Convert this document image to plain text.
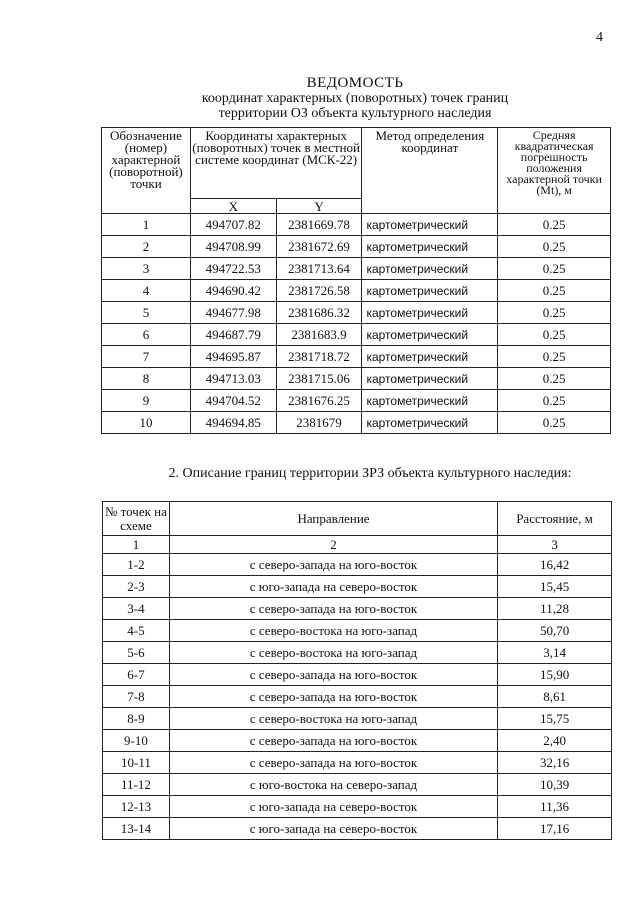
4
ВЕДОМОСТЬ
координат характерных (поворотных) точек границ
территории ОЗ объекта культурного наследия
Обозначение (номер) характерной (поворотной) точки	Координаты характерных (поворотных) точек в местной системе координат (МСК-22)		Метод определения координат	Средняя квадратическая погрешность положения характерной точки (Mt), м
	X	Y		
1	494707.82	2381669.78	картометрический	0.25
2	494708.99	2381672.69	картометрический	0.25
3	494722.53	2381713.64	картометрический	0.25
4	494690.42	2381726.58	картометрический	0.25
5	494677.98	2381686.32	картометрический	0.25
6	494687.79	2381683.9	картометрический	0.25
7	494695.87	2381718.72	картометрический	0.25
8	494713.03	2381715.06	картометрический	0.25
9	494704.52	2381676.25	картометрический	0.25
10	494694.85	2381679	картометрический	0.25
2. Описание границ территории ЗРЗ объекта культурного наследия:
№ точек на схеме	Направление	Расстояние, м
1	2	3
1-2	с северо-запада на юго-восток	16,42
2-3	с юго-запада на северо-восток	15,45
3-4	с северо-запада на юго-восток	11,28
4-5	с северо-востока на юго-запад	50,70
5-6	с северо-востока на юго-запад	3,14
6-7	с северо-запада на юго-восток	15,90
7-8	с северо-запада на юго-восток	8,61
8-9	с северо-востока на юго-запад	15,75
9-10	с северо-запада на юго-восток	2,40
10-11	с северо-запада на юго-восток	32,16
11-12	с юго-востока на северо-запад	10,39
12-13	с юго-запада на северо-восток	11,36
13-14	с юго-запада на северо-восток	17,16
